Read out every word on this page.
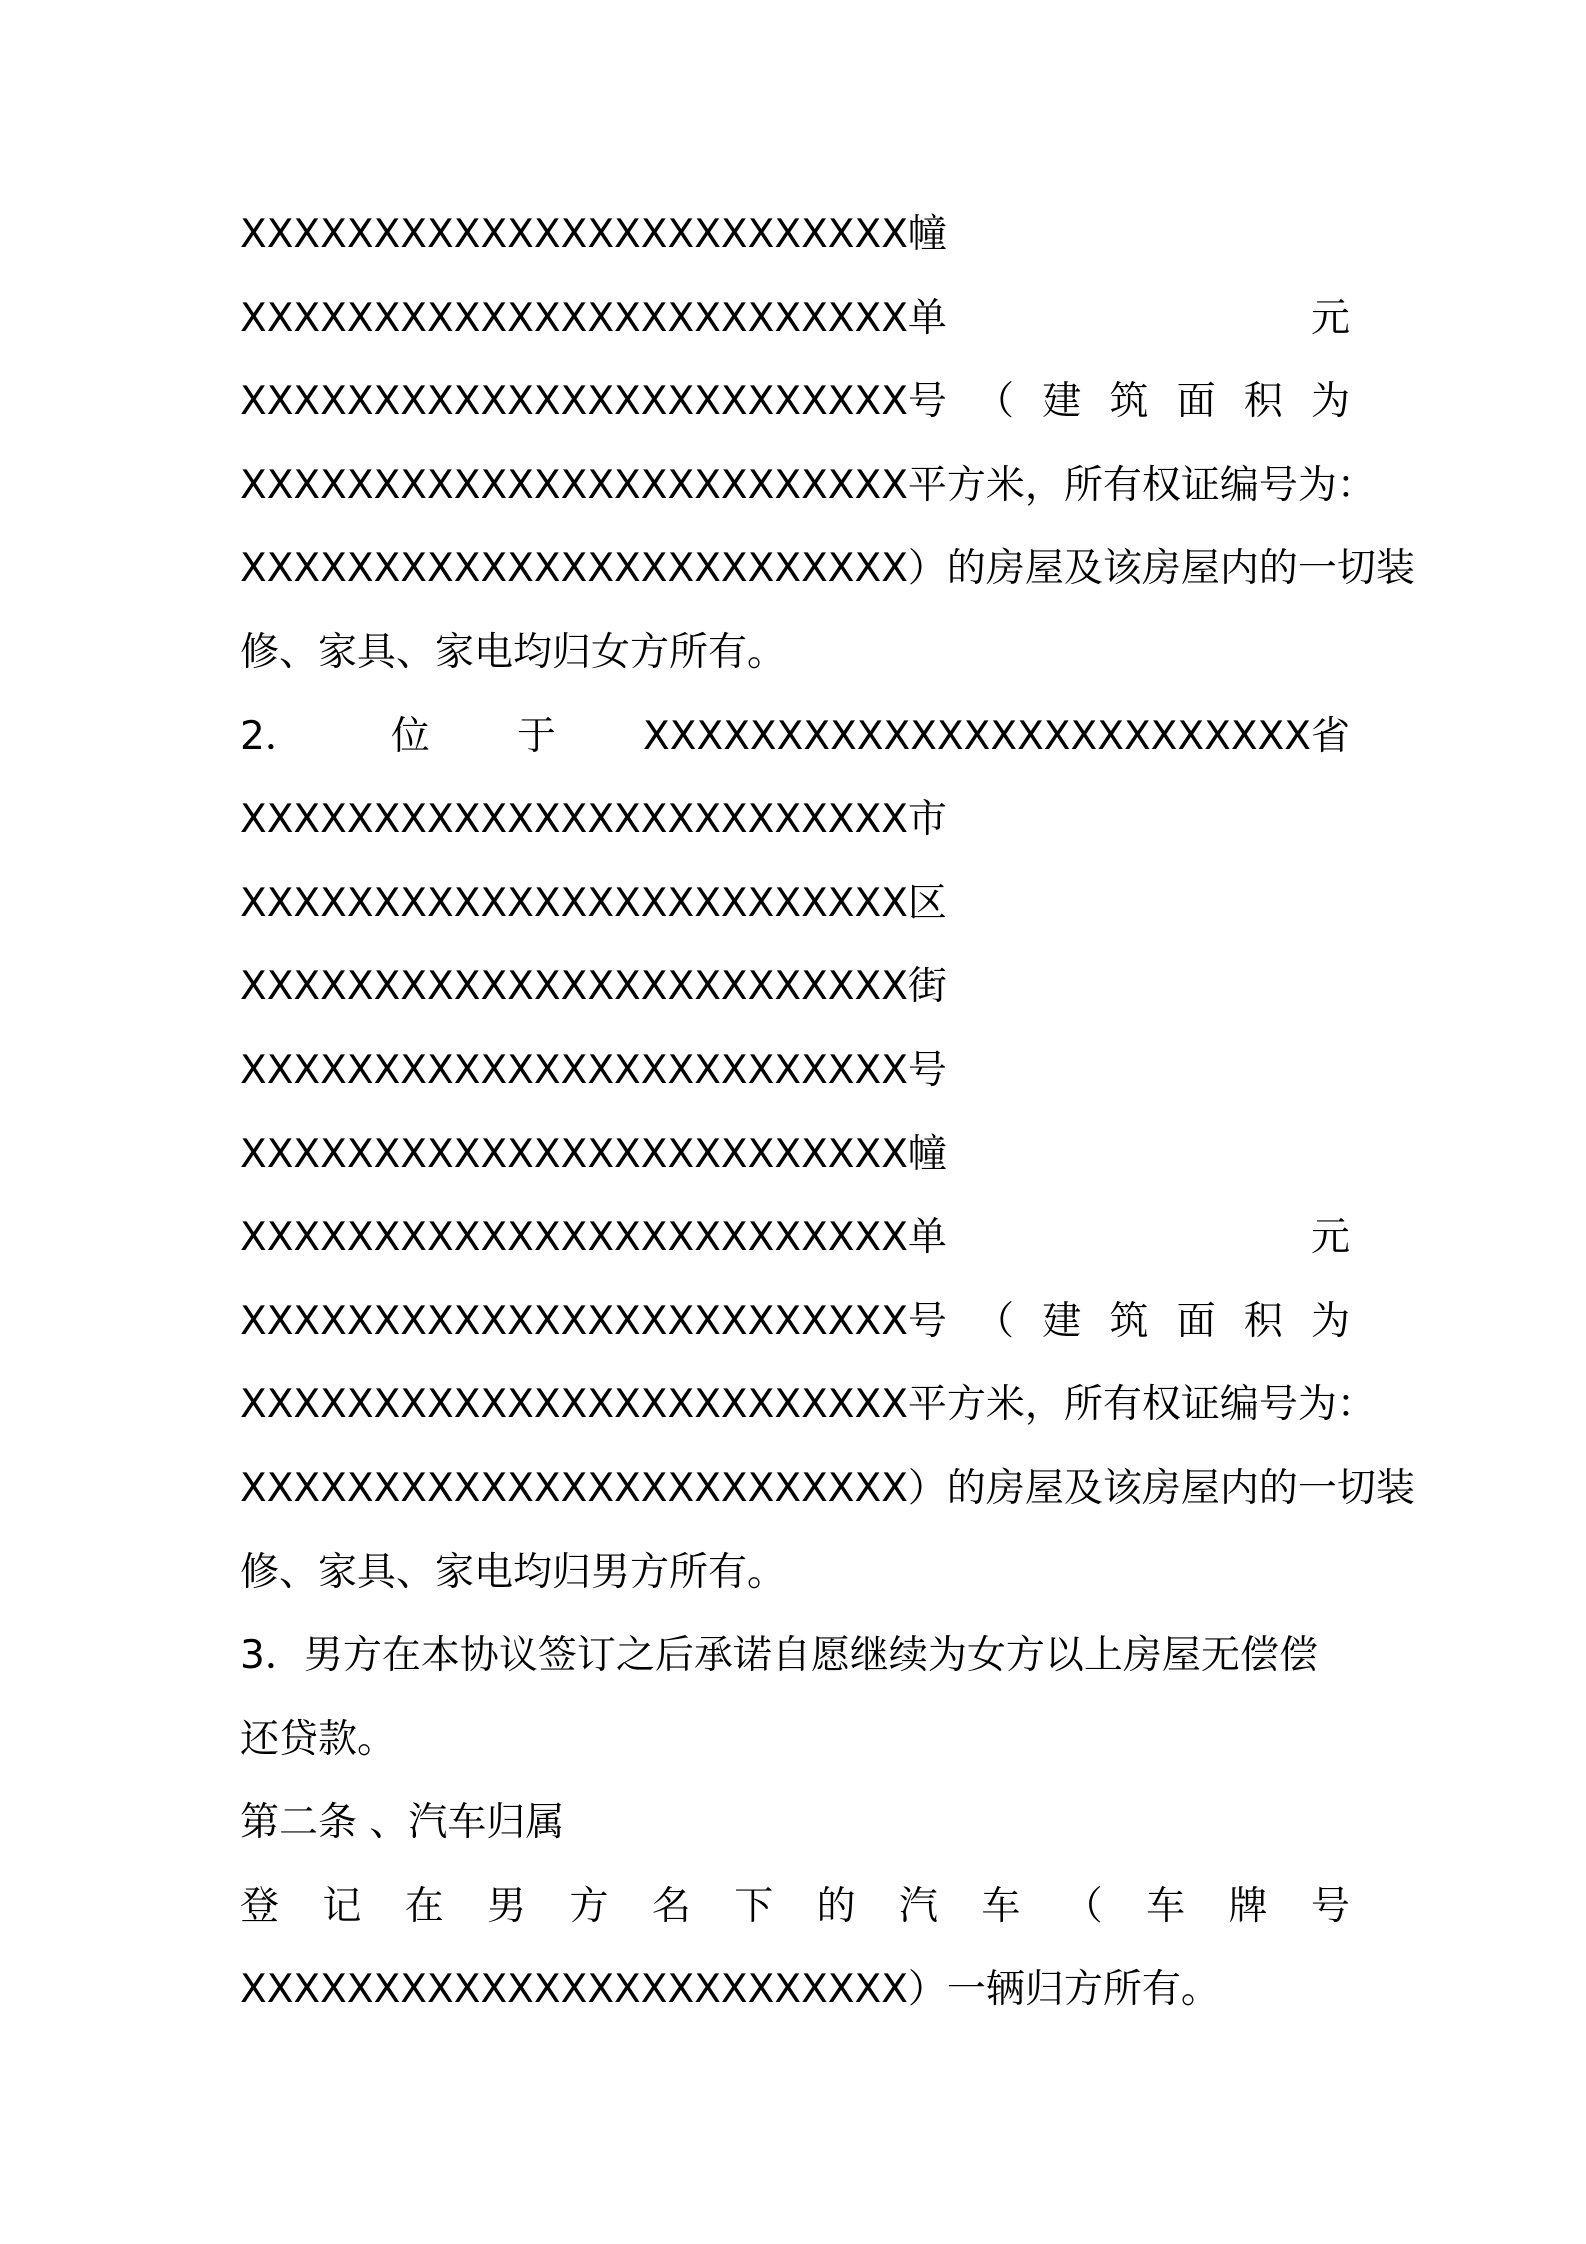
XXXXXXXXXXXXXXXXXXXXXXXXX幢
XXXXXXXXXXXXXXXXXXXXXXXXX单	元
XXXXXXXXXXXXXXXXXXXXXXXXX号 （ 建 筑 面 积 为
XXXXXXXXXXXXXXXXXXXXXXXXX平方米，所有权证编号为：
XXXXXXXXXXXXXXXXXXXXXXXXX）的房屋及该房屋内的一切装
修、家具、家电均归女方所有。
2． 位 于 XXXXXXXXXXXXXXXXXXXXXXXXX省
XXXXXXXXXXXXXXXXXXXXXXXXX市
XXXXXXXXXXXXXXXXXXXXXXXXX区
XXXXXXXXXXXXXXXXXXXXXXXXX街
XXXXXXXXXXXXXXXXXXXXXXXXX号
XXXXXXXXXXXXXXXXXXXXXXXXX幢
XXXXXXXXXXXXXXXXXXXXXXXXX单	元
XXXXXXXXXXXXXXXXXXXXXXXXX号 （ 建 筑 面 积 为
XXXXXXXXXXXXXXXXXXXXXXXXX平方米，所有权证编号为：
XXXXXXXXXXXXXXXXXXXXXXXXX）的房屋及该房屋内的一切装
修、家具、家电均归男方所有。
3．男方在本协议签订之后承诺自愿继续为女方以上房屋无偿偿
还贷款。
第二条 、汽车归属
登 记 在 男 方 名 下 的 汽 车 （ 车 牌 号
XXXXXXXXXXXXXXXXXXXXXXXXX）一辆归方所有。
